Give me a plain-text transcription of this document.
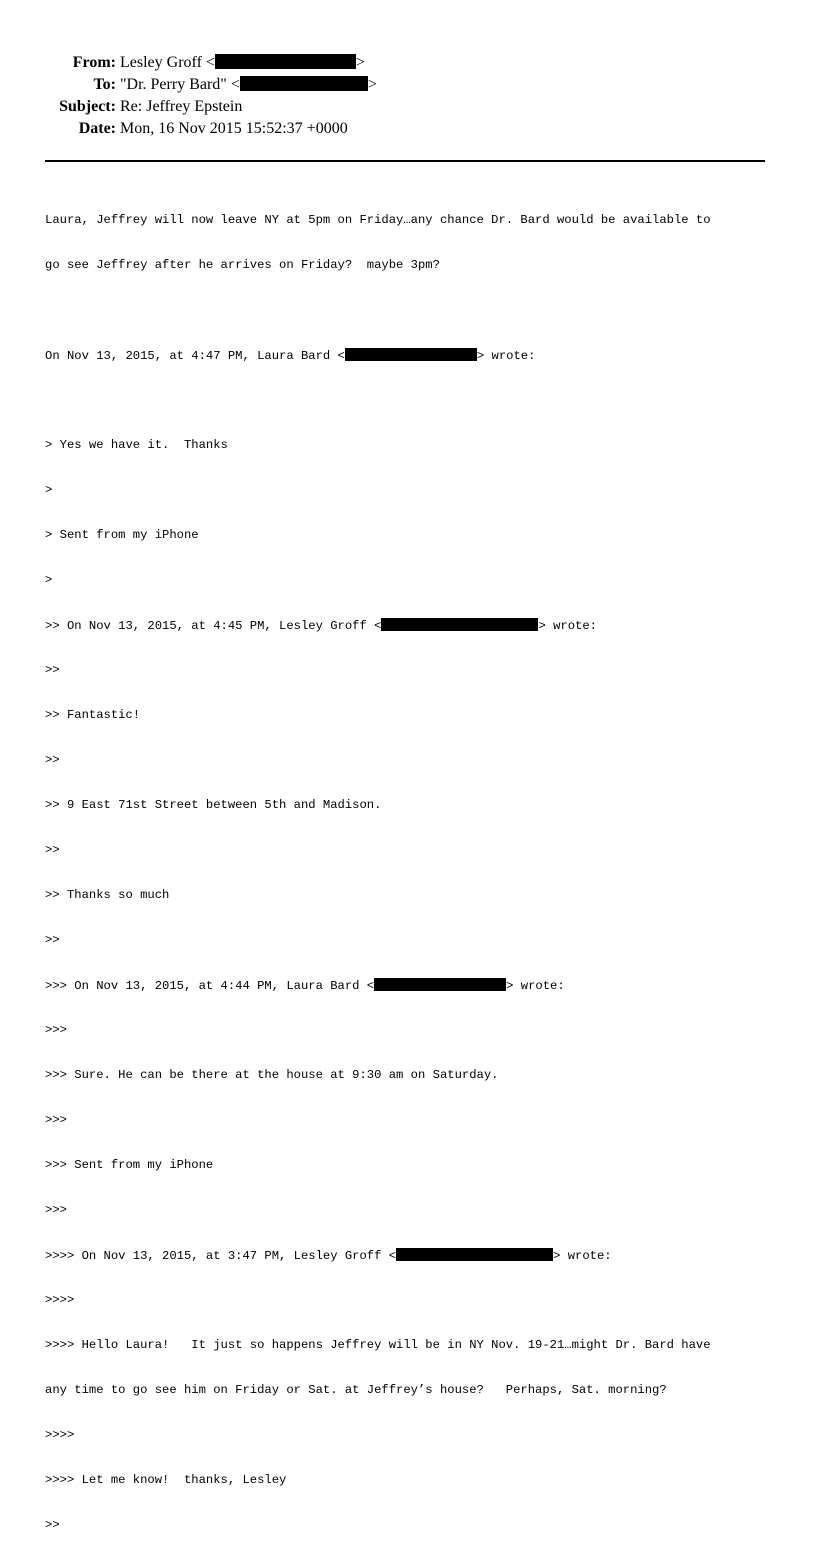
From: Lesley Groff <	>
To: "Dr. Perry Bard" <	>
Subject: Re: Jeffrey Epstein
Date: Mon, 16 Nov 2015 15:52:37 +0000

Laura, Jeffrey will now leave NY at 5pm on Friday…any chance Dr. Bard would be available to

go see Jeffrey after he arrives on Friday?  maybe 3pm?

On Nov 13, 2015, at 4:47 PM, Laura Bard <	> wrote:

> Yes we have it.  Thanks

>

> Sent from my iPhone

>

>> On Nov 13, 2015, at 4:45 PM, Lesley Groff <	> wrote:

>>

>> Fantastic!

>>

>> 9 East 71st Street between 5th and Madison.

>>

>> Thanks so much

>>

>>> On Nov 13, 2015, at 4:44 PM, Laura Bard <	> wrote:

>>>

>>> Sure. He can be there at the house at 9:30 am on Saturday.

>>>

>>> Sent from my iPhone

>>>

>>>> On Nov 13, 2015, at 3:47 PM, Lesley Groff <	> wrote:

>>>>

>>>> Hello Laura!   It just so happens Jeffrey will be in NY Nov. 19-21…might Dr. Bard have

any time to go see him on Friday or Sat. at Jeffrey’s house?   Perhaps, Sat. morning?

>>>>

>>>> Let me know!  thanks, Lesley

>>
